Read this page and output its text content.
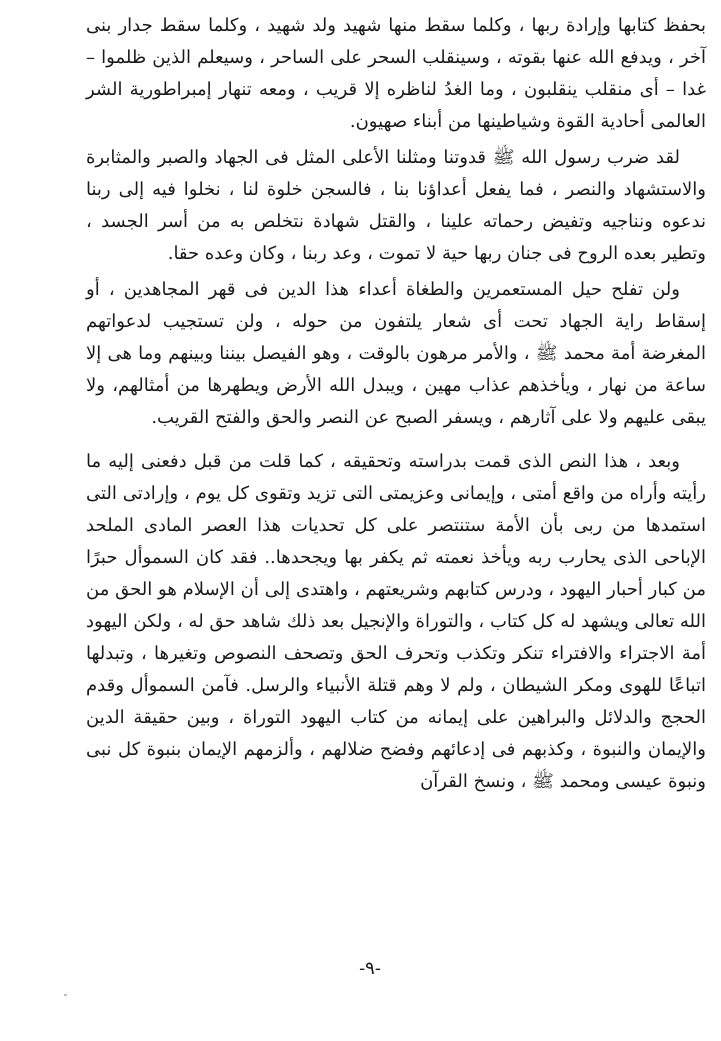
بحفظ كتابها وإرادة ربها ، وكلما سقط منها شهيد ولد شهيد ، وكلما سقط جدار بنى آخر ، ويدفع الله عنها بقوته ، وسينقلب السحر على الساحر ، وسيعلم الذين ظلموا – غدا – أى منقلب ينقلبون ، وما الغدُ لناظره إلا قريب ، ومعه تنهار إمبراطورية الشر العالمى أحادية القوة وشياطينها من أبناء صهيون.

لقد ضرب رسول الله ﷺ قدوتنا ومثلنا الأعلى المثل فى الجهاد والصبر والمثابرة والاستشهاد والنصر ، فما يفعل أعداؤنا بنا ، فالسجن خلوة لنا ، نخلوا فيه إلى ربنا ندعوه ونناجيه وتفيض رحماته علينا ، والقتل شهادة نتخلص به من أسر الجسد ، وتطير بعده الروح فى جنان ربها حية لا تموت ، وعد ربنا ، وكان وعده حقا.

ولن تفلح حيل المستعمرين والطغاة أعداء هذا الدين فى قهر المجاهدين ، أو إسقاط راية الجهاد تحت أى شعار يلتفون من حوله ، ولن تستجيب لدعواتهم المغرضة أمة محمد ﷺ ، والأمر مرهون بالوقت ، وهو الفيصل بيننا وبينهم وما هى إلا ساعة من نهار ، ويأخذهم عذاب مهين ، ويبدل الله الأرض ويطهرها من أمثالهم، ولا يبقى عليهم ولا على آثارهم ، ويسفر الصبح عن النصر والحق والفتح القريب.

وبعد ، هذا النص الذى قمت بدراسته وتحقيقه ، كما قلت من قبل دفعنى إليه ما رأيته وأراه من واقع أمتى ، وإيمانى وعزيمتى التى تزيد وتقوى كل يوم ، وإرادتى التى استمدها من ربى بأن الأمة ستنتصر على كل تحديات هذا العصر المادى الملحد الإباحى الذى يحارب ربه ويأخذ نعمته ثم يكفر بها ويجحدها.. فقد كان السموأل حبرًا من كبار أحبار اليهود ، ودرس كتابهم وشريعتهم ، واهتدى إلى أن الإسلام هو الحق من الله تعالى ويشهد له كل كتاب ، والتوراة والإنجيل بعد ذلك شاهد حق له ، ولكن اليهود أمة الاجتراء والافتراء تنكر وتكذب وتحرف الحق وتصحف النصوص وتغيرها ، وتبدلها اتباعًا للهوى ومكر الشيطان ، ولم لا وهم قتلة الأنبياء والرسل. فآمن السموأل وقدم الحجج والدلائل والبراهين على إيمانه من كتاب اليهود التوراة ، وبين حقيقة الدين والإيمان والنبوة ، وكذبهم فى إدعائهم وفضح ضلالهم ، وألزمهم الإيمان بنبوة كل نبى ونبوة عيسى ومحمد ﷺ ، ونسخ القرآن

-٩-
